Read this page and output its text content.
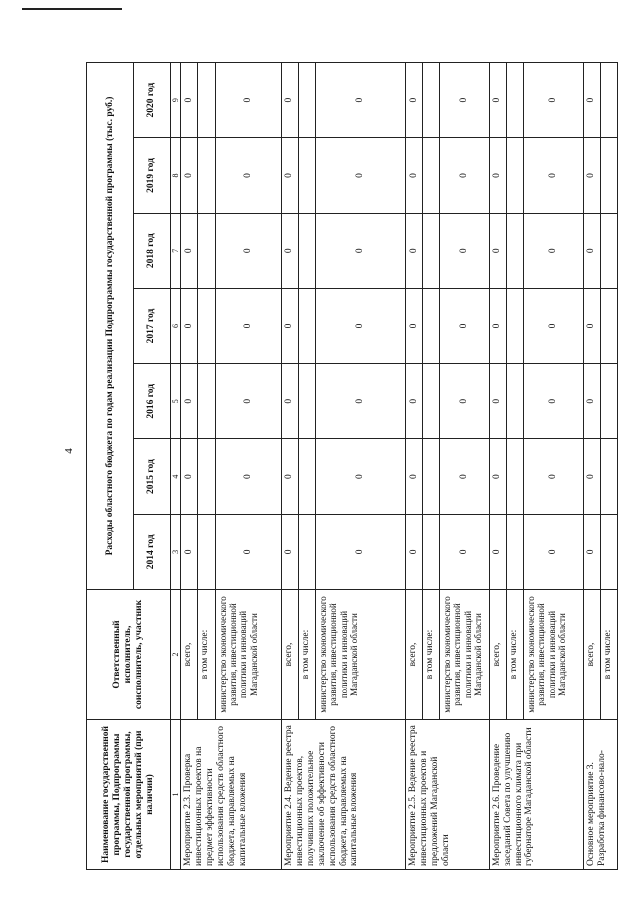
4
Наименование государственной программы, Подпрограммы государственной программы, отдельных мероприятий (при наличии)	Ответственный исполнитель, соисполнитель, участник	Расходы областного бюджета по годам реализации Подпрограммы государственной программы (тыс. руб.)						
		2014 год	2015 год	2016 год	2017 год	2018 год	2019 год	2020 год
1	2	3	4	5	6	7	8	9
Мероприятие 2.3. Проверка инвестиционных проектов на предмет эффективности использования средств областного бюджета, направляемых на капитальные вложения	всего,	0	0	0	0	0	0	0
	в том числе:							
	министерство экономического развития, инвестиционной политики и инноваций Магаданской области	0	0	0	0	0	0	0
Мероприятие 2.4. Ведение реестра инвестиционных проектов, получивших положительное заключение об эффективности использования средств областного бюджета, направляемых на капитальные вложения	всего,	0	0	0	0	0	0	0
	в том числе:							
	министерство экономического развития, инвестиционной политики и инноваций Магаданской области	0	0	0	0	0	0	0
Мероприятие 2.5. Ведение реестра инвестиционных проектов и предложений Магаданской области	всего,	0	0	0	0	0	0	0
	в том числе:							
	министерство экономического развития, инвестиционной политики и инноваций Магаданской области	0	0	0	0	0	0	0
Мероприятие 2.6. Проведение заседаний Совета по улучшению инвестиционного климата при губернаторе Магаданской области	всего,	0	0	0	0	0	0	0
	в том числе:							
	министерство экономического развития, инвестиционной политики и инноваций Магаданской области	0	0	0	0	0	0	0
Основное мероприятие 3. Разработка финансово-нало-	всего,	0	0	0	0	0	0	0
	в том числе:							
